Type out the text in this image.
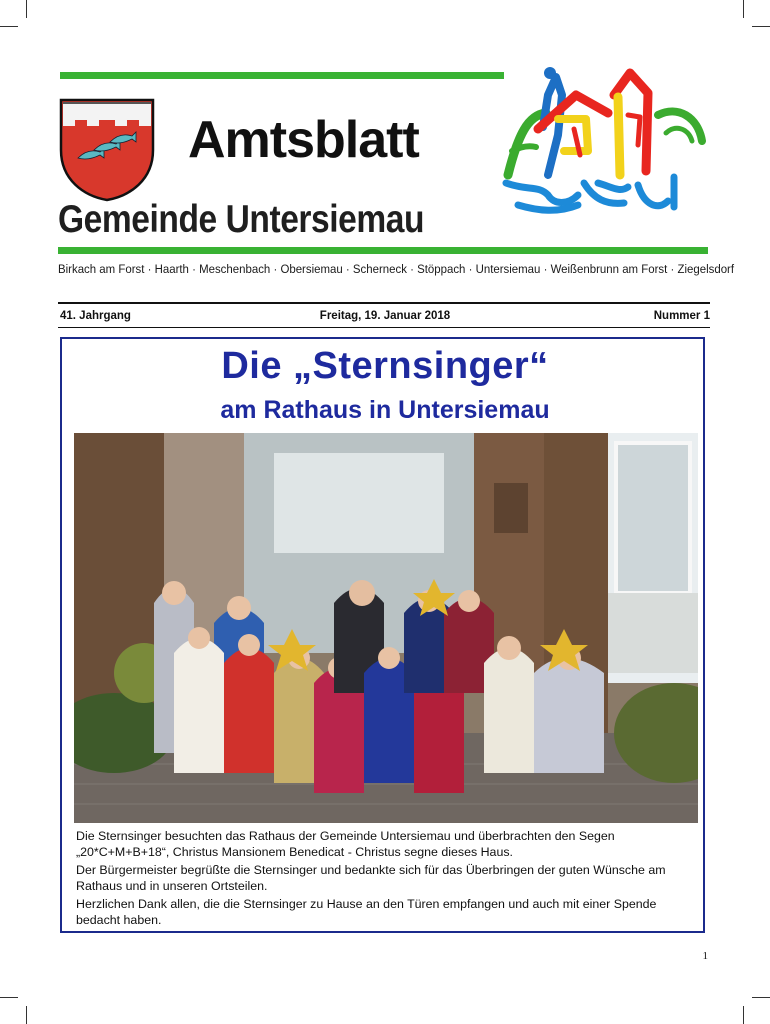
Amtsblatt
Gemeinde Untersiemau
Birkach am Forst · Haarth · Meschenbach · Obersiemau · Scherneck · Stöppach · Untersiemau · Weißenbrunn am Forst · Ziegelsdorf
41. Jahrgang	Freitag, 19. Januar 2018	Nummer 1
Die „Sternsinger“
am Rathaus in Untersiemau

Die Sternsinger besuchten das Rathaus der Gemeinde Untersiemau und überbrachten den Segen „20*C+M+B+18“, Christus Mansionem Benedicat - Christus segne dieses Haus.

Der Bürgermeister begrüßte die Sternsinger und bedankte sich für das Überbringen der guten Wünsche am Rathaus und in unseren Ortsteilen.

Herzlichen Dank allen, die die Sternsinger zu Hause an den Türen empfangen und auch mit einer Spende bedacht haben.

1
